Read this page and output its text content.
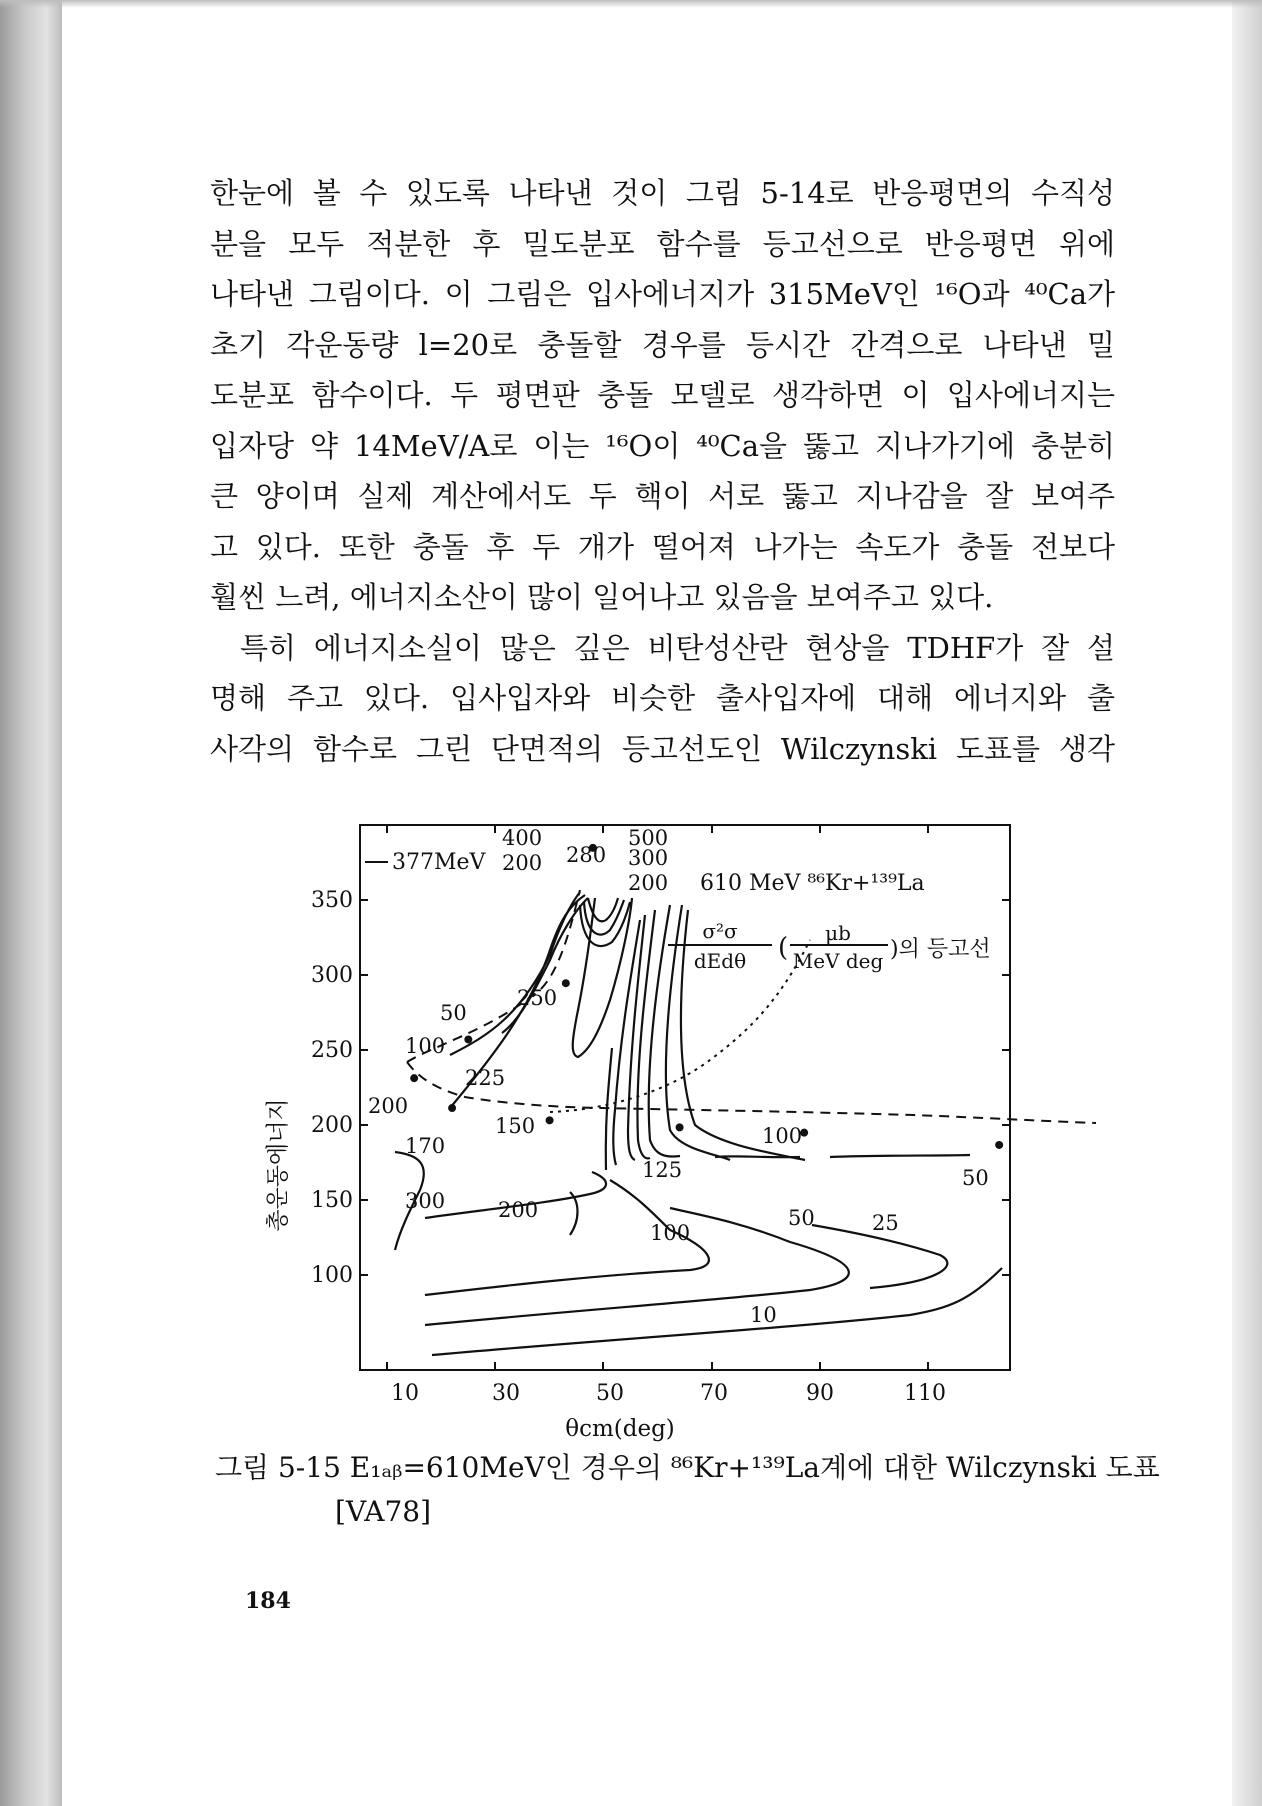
한눈에 볼 수 있도록 나타낸 것이 그림 5-14로 반응평면의 수직성
분을 모두 적분한 후 밀도분포 함수를 등고선으로 반응평면 위에
나타낸 그림이다. 이 그림은 입사에너지가 315MeV인 ¹⁶O과 ⁴⁰Ca가
초기 각운동량 l=20로 충돌할 경우를 등시간 간격으로 나타낸 밀
도분포 함수이다. 두 평면판 충돌 모델로 생각하면 이 입사에너지는
입자당 약 14MeV/A로 이는 ¹⁶O이 ⁴⁰Ca을 뚫고 지나가기에 충분히
큰 양이며 실제 계산에서도 두 핵이 서로 뚫고 지나감을 잘 보여주
고 있다. 또한 충돌 후 두 개가 떨어져 나가는 속도가 충돌 전보다
훨씬 느려, 에너지소산이 많이 일어나고 있음을 보여주고 있다.
특히 에너지소실이 많은 깊은 비탄성산란 현상을 TDHF가 잘 설
명해 주고 있다. 입사입자와 비슷한 출사입자에 대해 에너지와 출
사각의 함수로 그린 단면적의 등고선도인 Wilczynski 도표를 생각
350
300
250
200
150
100
10	30	50	70	90	110
θcm(deg)
총운동에너지
377MeV
610 MeV ⁸⁶Kr+¹³⁹La
σ²σ
dEdθ ( μb
MeV deg )의 등고선
400
200 280
500
300
200
50
250
100
225
200
170
150	100
125	50
300	200
100
50	25
10
그림 5-15 E₁ₐᵦ=610MeV인 경우의 ⁸⁶Kr+¹³⁹La계에 대한 Wilczynski 도표
[VA78]
184
